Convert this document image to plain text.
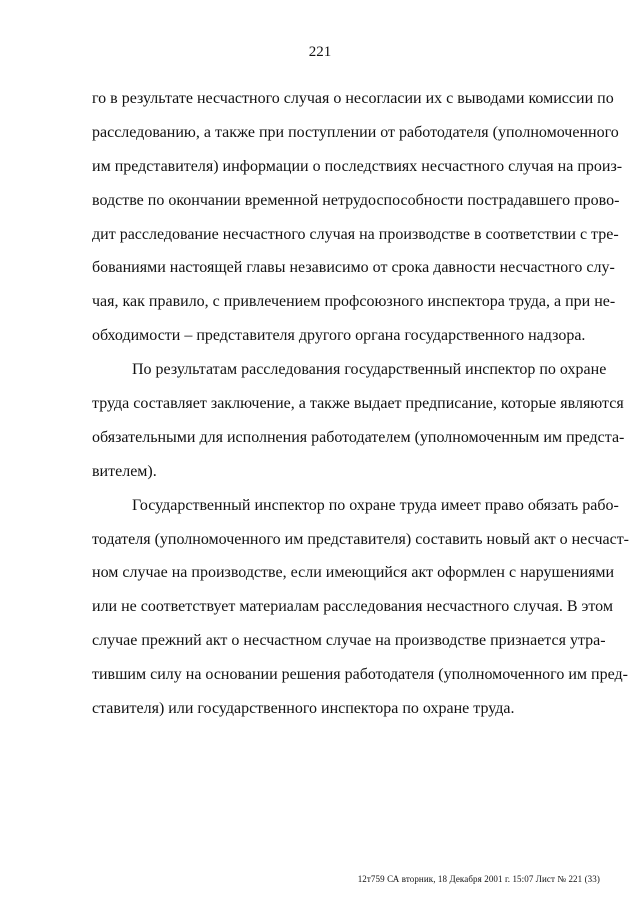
221
го в результате несчастного случая о несогласии их с выводами комиссии по
расследованию, а также при поступлении от работодателя (уполномоченного
им представителя) информации о последствиях несчастного случая на произ-
водстве по окончании временной нетрудоспособности пострадавшего прово-
дит расследование несчастного случая на производстве в соответствии с тре-
бованиями настоящей главы независимо от срока давности несчастного слу-
чая, как правило, с привлечением профсоюзного инспектора труда, а при не-
обходимости – представителя другого органа государственного надзора.
По результатам расследования государственный инспектор по охране
труда составляет заключение, а также выдает предписание, которые являются
обязательными для исполнения работодателем (уполномоченным им предста-
вителем).
Государственный инспектор по охране труда имеет право обязать рабо-
тодателя (уполномоченного им представителя) составить новый акт о несчаст-
ном случае на производстве, если имеющийся акт оформлен с нарушениями
или не соответствует материалам расследования несчастного случая. В этом
случае прежний акт о несчастном случае на производстве признается утра-
тившим силу на основании решения работодателя (уполномоченного им пред-
ставителя) или государственного инспектора по охране труда.
12т759 СА вторник, 18 Декабря 2001 г. 15:07 Лист № 221 (33)
